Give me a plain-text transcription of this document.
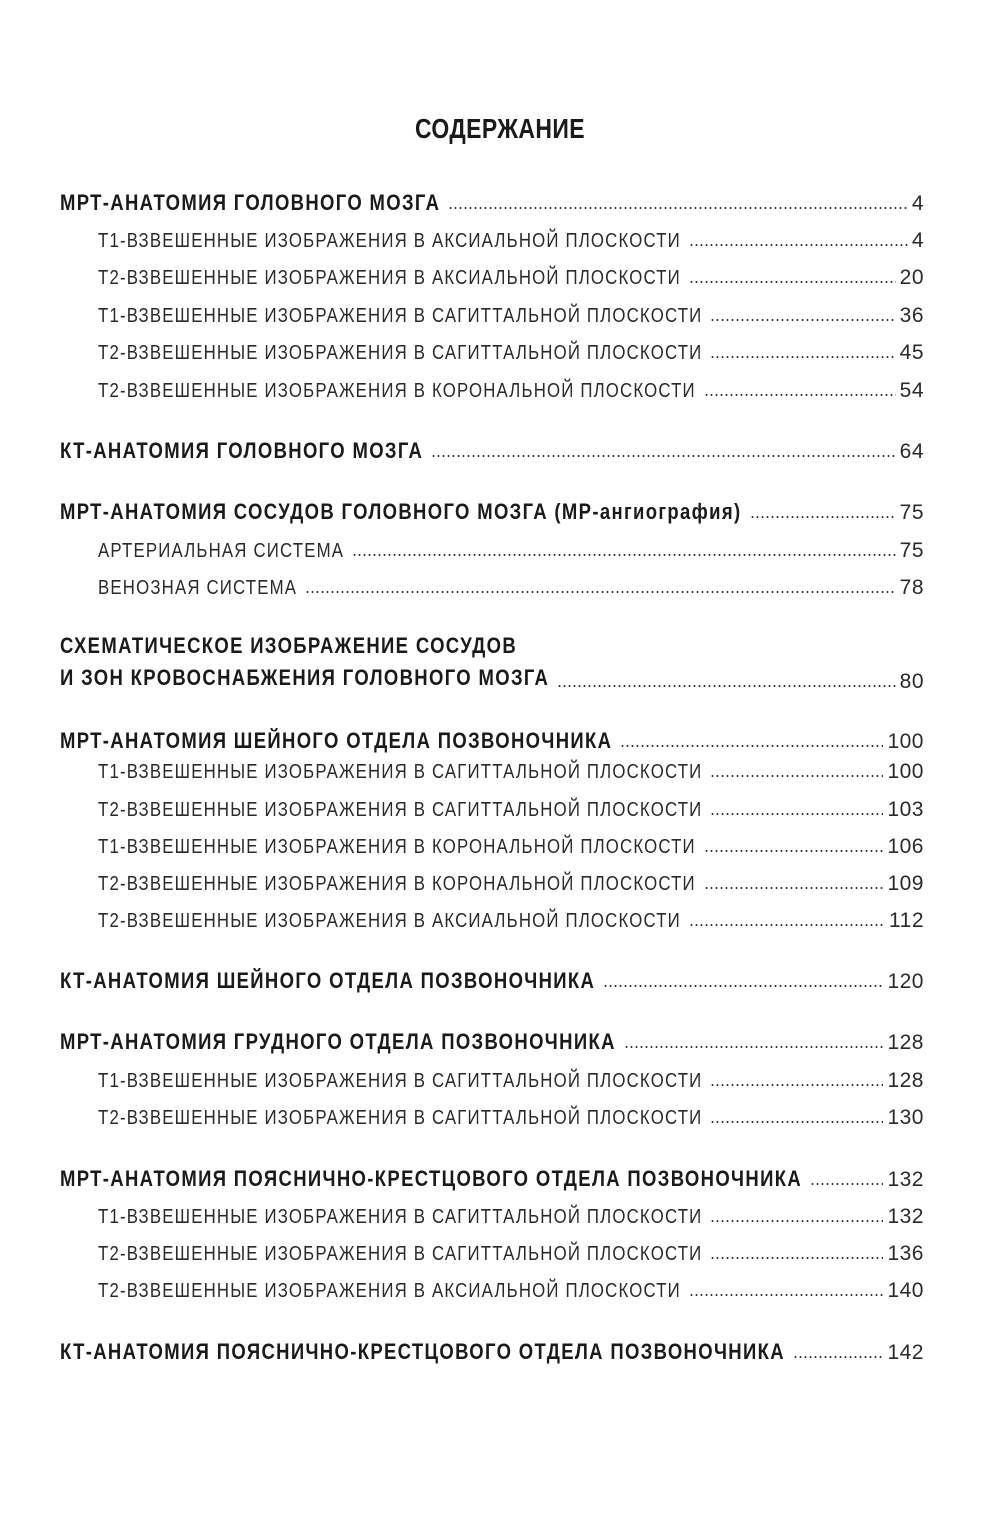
СОДЕРЖАНИЕ
МРТ-АНАТОМИЯ ГОЛОВНОГО МОЗГА	4
Т1-ВЗВЕШЕННЫЕ ИЗОБРАЖЕНИЯ В АКСИАЛЬНОЙ ПЛОСКОСТИ	4
Т2-ВЗВЕШЕННЫЕ ИЗОБРАЖЕНИЯ В АКСИАЛЬНОЙ ПЛОСКОСТИ	20
Т1-ВЗВЕШЕННЫЕ ИЗОБРАЖЕНИЯ В САГИТТАЛЬНОЙ ПЛОСКОСТИ	36
Т2-ВЗВЕШЕННЫЕ ИЗОБРАЖЕНИЯ В САГИТТАЛЬНОЙ ПЛОСКОСТИ	45
Т2-ВЗВЕШЕННЫЕ ИЗОБРАЖЕНИЯ В КОРОНАЛЬНОЙ ПЛОСКОСТИ	54
КТ-АНАТОМИЯ ГОЛОВНОГО МОЗГА	64
МРТ-АНАТОМИЯ СОСУДОВ ГОЛОВНОГО МОЗГА (МР-ангиография)	75
АРТЕРИАЛЬНАЯ СИСТЕМА	75
ВЕНОЗНАЯ СИСТЕМА	78
СХЕМАТИЧЕСКОЕ ИЗОБРАЖЕНИЕ СОСУДОВ
И ЗОН КРОВОСНАБЖЕНИЯ ГОЛОВНОГО МОЗГА	80
МРТ-АНАТОМИЯ ШЕЙНОГО ОТДЕЛА ПОЗВОНОЧНИКА	100
Т1-ВЗВЕШЕННЫЕ ИЗОБРАЖЕНИЯ В САГИТТАЛЬНОЙ ПЛОСКОСТИ	100
Т2-ВЗВЕШЕННЫЕ ИЗОБРАЖЕНИЯ В САГИТТАЛЬНОЙ ПЛОСКОСТИ	103
Т1-ВЗВЕШЕННЫЕ ИЗОБРАЖЕНИЯ В КОРОНАЛЬНОЙ ПЛОСКОСТИ	106
Т2-ВЗВЕШЕННЫЕ ИЗОБРАЖЕНИЯ В КОРОНАЛЬНОЙ ПЛОСКОСТИ	109
Т2-ВЗВЕШЕННЫЕ ИЗОБРАЖЕНИЯ В АКСИАЛЬНОЙ ПЛОСКОСТИ	112
КТ-АНАТОМИЯ ШЕЙНОГО ОТДЕЛА ПОЗВОНОЧНИКА	120
МРТ-АНАТОМИЯ ГРУДНОГО ОТДЕЛА ПОЗВОНОЧНИКА	128
Т1-ВЗВЕШЕННЫЕ ИЗОБРАЖЕНИЯ В САГИТТАЛЬНОЙ ПЛОСКОСТИ	128
Т2-ВЗВЕШЕННЫЕ ИЗОБРАЖЕНИЯ В САГИТТАЛЬНОЙ ПЛОСКОСТИ	130
МРТ-АНАТОМИЯ ПОЯСНИЧНО-КРЕСТЦОВОГО ОТДЕЛА ПОЗВОНОЧНИКА	132
Т1-ВЗВЕШЕННЫЕ ИЗОБРАЖЕНИЯ В САГИТТАЛЬНОЙ ПЛОСКОСТИ	132
Т2-ВЗВЕШЕННЫЕ ИЗОБРАЖЕНИЯ В САГИТТАЛЬНОЙ ПЛОСКОСТИ	136
Т2-ВЗВЕШЕННЫЕ ИЗОБРАЖЕНИЯ В АКСИАЛЬНОЙ ПЛОСКОСТИ	140
КТ-АНАТОМИЯ ПОЯСНИЧНО-КРЕСТЦОВОГО ОТДЕЛА ПОЗВОНОЧНИКА	142
